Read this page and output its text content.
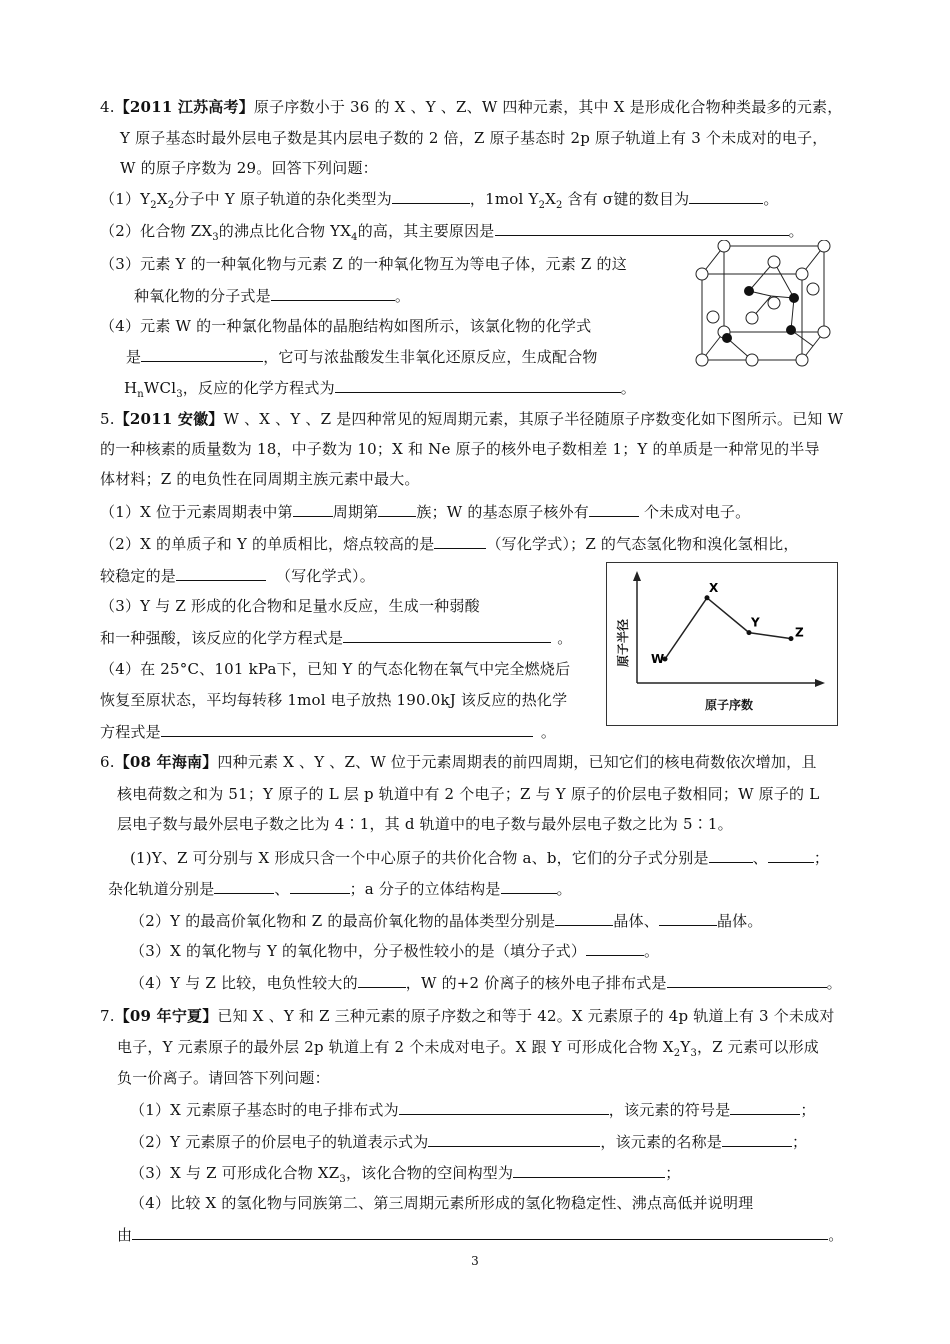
4.【2011 江苏高考】原子序数小于 36 的 X 、Y 、Z、W 四种元素，其中 X 是形成化合物种类最多的元素，
Y 原子基态时最外层电子数是其内层电子数的 2 倍，Z 原子基态时 2p 原子轨道上有 3 个未成对的电子，
W 的原子序数为 29。回答下列问题：
$(1)Y_2X_2$分子中 Y 原子轨道的杂化类型为	，1mol $Y_2X_2$ 含有 σ键的数目为	。
（2）化合物 $ZX_3$的沸点比化合物 $YX_4$的高，其主要原因是	。
（3）元素 Y 的一种氧化物与元素 Z 的一种氧化物互为等电子体，元素 Z 的这
种氧化物的分子式是	。
（4）元素 W 的一种氯化物晶体的晶胞结构如图所示，该氯化物的化学式
是	，它可与浓盐酸发生非氧化还原反应，生成配合物
$H_nWCl_3$，反应的化学方程式为	。
5.【2011 安徽】W 、X 、Y 、Z 是四种常见的短周期元素，其原子半径随原子序数变化如下图所示。已知 W
的一种核素的质量数为 18，中子数为 10；X 和 Ne 原子的核外电子数相差 1；Y 的单质是一种常见的半导
体材料；Z 的电负性在同周期主族元素中最大。
（1）X 位于元素周期表中第	周期第	族；W 的基态原子核外有	个未成对电子。
（2）X 的单质子和 Y 的单质相比，熔点较高的是	（写化学式）；Z 的气态氢化物和溴化氢相比，
较稳定的是	（写化学式）。
（3）Y 与 Z 形成的化合物和足量水反应，生成一种弱酸
和一种强酸，该反应的化学方程式是	。
（4）在 25°C、101 kPa下，已知 Y 的气态化物在氧气中完全燃烧后
恢复至原状态，平均每转移 1mol 电子放热 190.0kJ 该反应的热化学
方程式是	。
原子半径
原子序数
W
X
Y
Z
6.【08 年海南】四种元素 X 、Y 、Z、W 位于元素周期表的前四周期，已知它们的核电荷数依次增加，且
核电荷数之和为 51；Y 原子的 L 层 p 轨道中有 2 个电子；Z 与 Y 原子的价层电子数相同；W 原子的 L
层电子数与最外层电子数之比为 4∶1，其 d 轨道中的电子数与最外层电子数之比为 5∶1。
(1)Y、Z 可分别与 X 形成只含一个中心原子的共价化合物 a、b，它们的分子式分别是	、	；
杂化轨道分别是	、	；a 分子的立体结构是	。
（2）Y 的最高价氧化物和 Z 的最高价氧化物的晶体类型分别是	晶体、	晶体。
（3）X 的氧化物与 Y 的氧化物中，分子极性较小的是（填分子式）	。
（4）Y 与 Z 比较，电负性较大的	，W 的+2 价离子的核外电子排布式是	。
7.【09 年宁夏】已知 X 、Y 和 Z 三种元素的原子序数之和等于 42。X 元素原子的 4p 轨道上有 3 个未成对
电子，Y 元素原子的最外层 2p 轨道上有 2 个未成对电子。X 跟 Y 可形成化合物 $X_2Y_3$，Z 元素可以形成
负一价离子。请回答下列问题：
（1）X 元素原子基态时的电子排布式为	，该元素的符号是	；
（2）Y 元素原子的价层电子的轨道表示式为	，该元素的名称是	；
（3）X 与 Z 可形成化合物 $XZ_3$，该化合物的空间构型为	；
（4）比较 X 的氢化物与同族第二、第三周期元素所形成的氢化物稳定性、沸点高低并说明理
由	。
3
